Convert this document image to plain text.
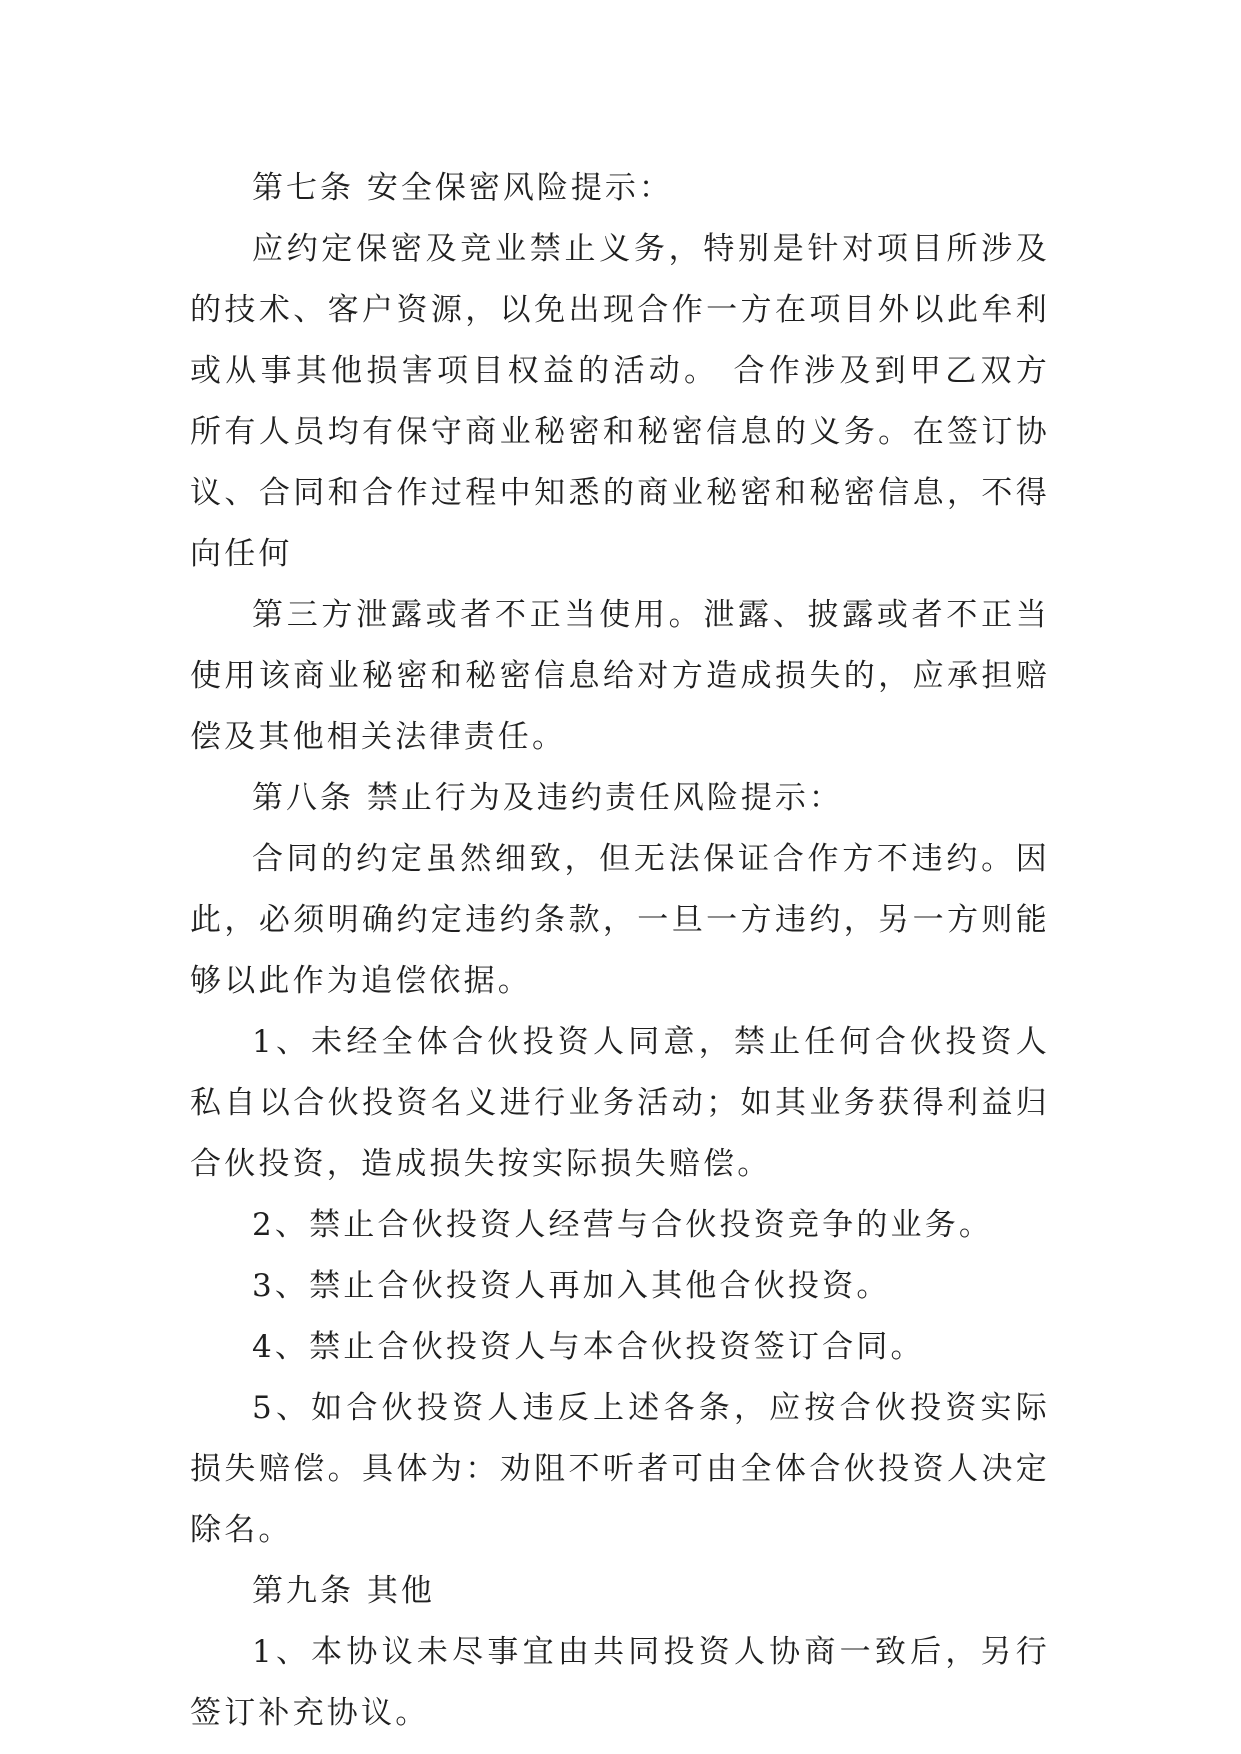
第七条 安全保密风险提示：

应约定保密及竞业禁止义务，特别是针对项目所涉及的技术、客户资源，以免出现合作一方在项目外以此牟利或从事其他损害项目权益的活动。 合作涉及到甲乙双方所有人员均有保守商业秘密和秘密信息的义务。在签订协议、合同和合作过程中知悉的商业秘密和秘密信息，不得向任何

第三方泄露或者不正当使用。泄露、披露或者不正当使用该商业秘密和秘密信息给对方造成损失的，应承担赔偿及其他相关法律责任。

第八条 禁止行为及违约责任风险提示：

合同的约定虽然细致，但无法保证合作方不违约。因此，必须明确约定违约条款，一旦一方违约，另一方则能够以此作为追偿依据。

1、未经全体合伙投资人同意，禁止任何合伙投资人私自以合伙投资名义进行业务活动；如其业务获得利益归合伙投资，造成损失按实际损失赔偿。

2、禁止合伙投资人经营与合伙投资竞争的业务。

3、禁止合伙投资人再加入其他合伙投资。

4、禁止合伙投资人与本合伙投资签订合同。

5、如合伙投资人违反上述各条，应按合伙投资实际损失赔偿。具体为：劝阻不听者可由全体合伙投资人决定除名。

第九条 其他

1、本协议未尽事宜由共同投资人协商一致后，另行签订补充协议。
